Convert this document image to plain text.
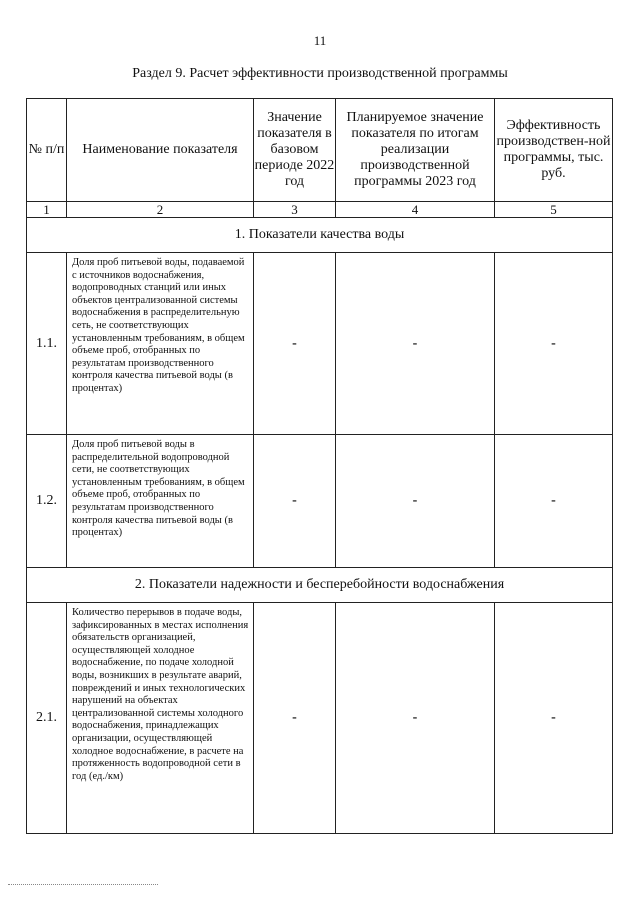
11
Раздел 9. Расчет эффективности производственной программы
№ п/п	Наименование показателя	Значение показателя в базовом периоде 2022 год	Планируемое значение показателя по итогам реализации производственной программы 2023 год	Эффективность производствен-ной программы, тыс. руб.
1	2	3	4	5
1. Показатели качества воды				
1.1.	Доля проб питьевой воды, подаваемой с источников водоснабжения, водопроводных станций или иных объектов централизованной системы водоснабжения в распределительную сеть, не соответствующих установленным требованиям, в общем объеме проб, отобранных по результатам производственного контроля качества питьевой воды (в процентах)	-	-	-
1.2.	Доля проб питьевой воды в распределительной водопроводной сети, не соответствующих установленным требованиям, в общем объеме проб, отобранных по результатам производственного контроля качества питьевой воды (в процентах)	-	-	-
2. Показатели надежности и бесперебойности водоснабжения				
2.1.	Количество перерывов в подаче воды, зафиксированных в местах исполнения обязательств организацией, осуществляющей холодное водоснабжение, по подаче холодной воды, возникших в результате аварий, повреждений и иных технологических нарушений на объектах централизованной системы холодного водоснабжения, принадлежащих организации, осуществляющей холодное водоснабжение, в расчете на протяженность водопроводной сети в год (ед./км)	-	-	-
